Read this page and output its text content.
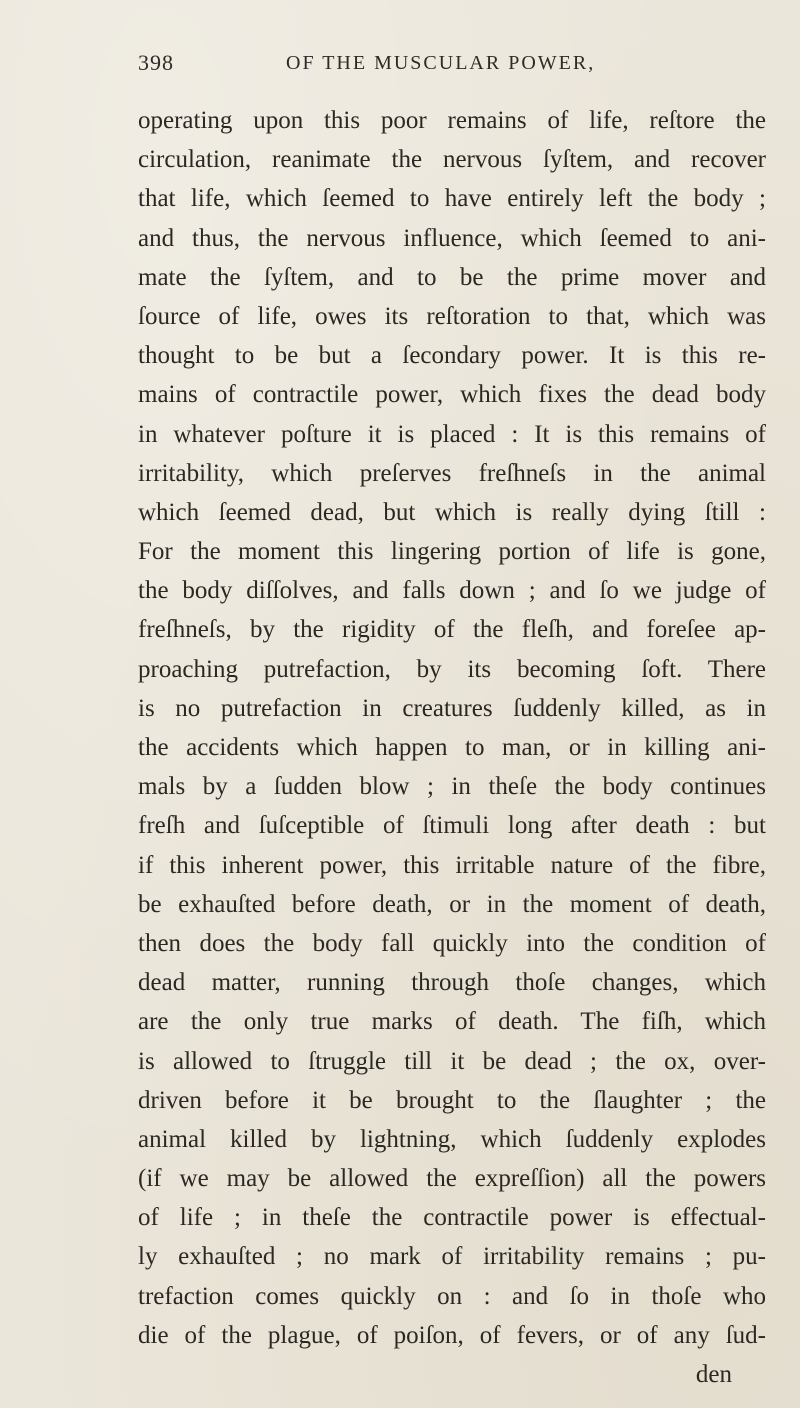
398	OF THE MUSCULAR POWER,
operating upon this poor remains of life, reſtore the
circulation, reanimate the nervous ſyſtem, and recover
that life, which ſeemed to have entirely left the body ;
and thus, the nervous influence, which ſeemed to ani-
mate the ſyſtem, and to be the prime mover and
ſource of life, owes its reſtoration to that, which was
thought to be but a ſecondary power. It is this re-
mains of contractile power, which fixes the dead body
in whatever poſture it is placed : It is this remains of
irritability, which preſerves freſhneſs in the animal
which ſeemed dead, but which is really dying ſtill :
For the moment this lingering portion of life is gone,
the body diſſolves, and falls down ; and ſo we judge of
freſhneſs, by the rigidity of the fleſh, and foreſee ap-
proaching putrefaction, by its becoming ſoft. There
is no putrefaction in creatures ſuddenly killed, as in
the accidents which happen to man, or in killing ani-
mals by a ſudden blow ; in theſe the body continues
freſh and ſuſceptible of ſtimuli long after death : but
if this inherent power, this irritable nature of the fibre,
be exhauſted before death, or in the moment of death,
then does the body fall quickly into the condition of
dead matter, running through thoſe changes, which
are the only true marks of death. The fiſh, which
is allowed to ſtruggle till it be dead ; the ox, over-
driven before it be brought to the ſlaughter ; the
animal killed by lightning, which ſuddenly explodes
(if we may be allowed the expreſſion) all the powers
of life ; in theſe the contractile power is effectual-
ly exhauſted ; no mark of irritability remains ; pu-
trefaction comes quickly on : and ſo in thoſe who
die of the plague, of poiſon, of fevers, or of any ſud-
den
